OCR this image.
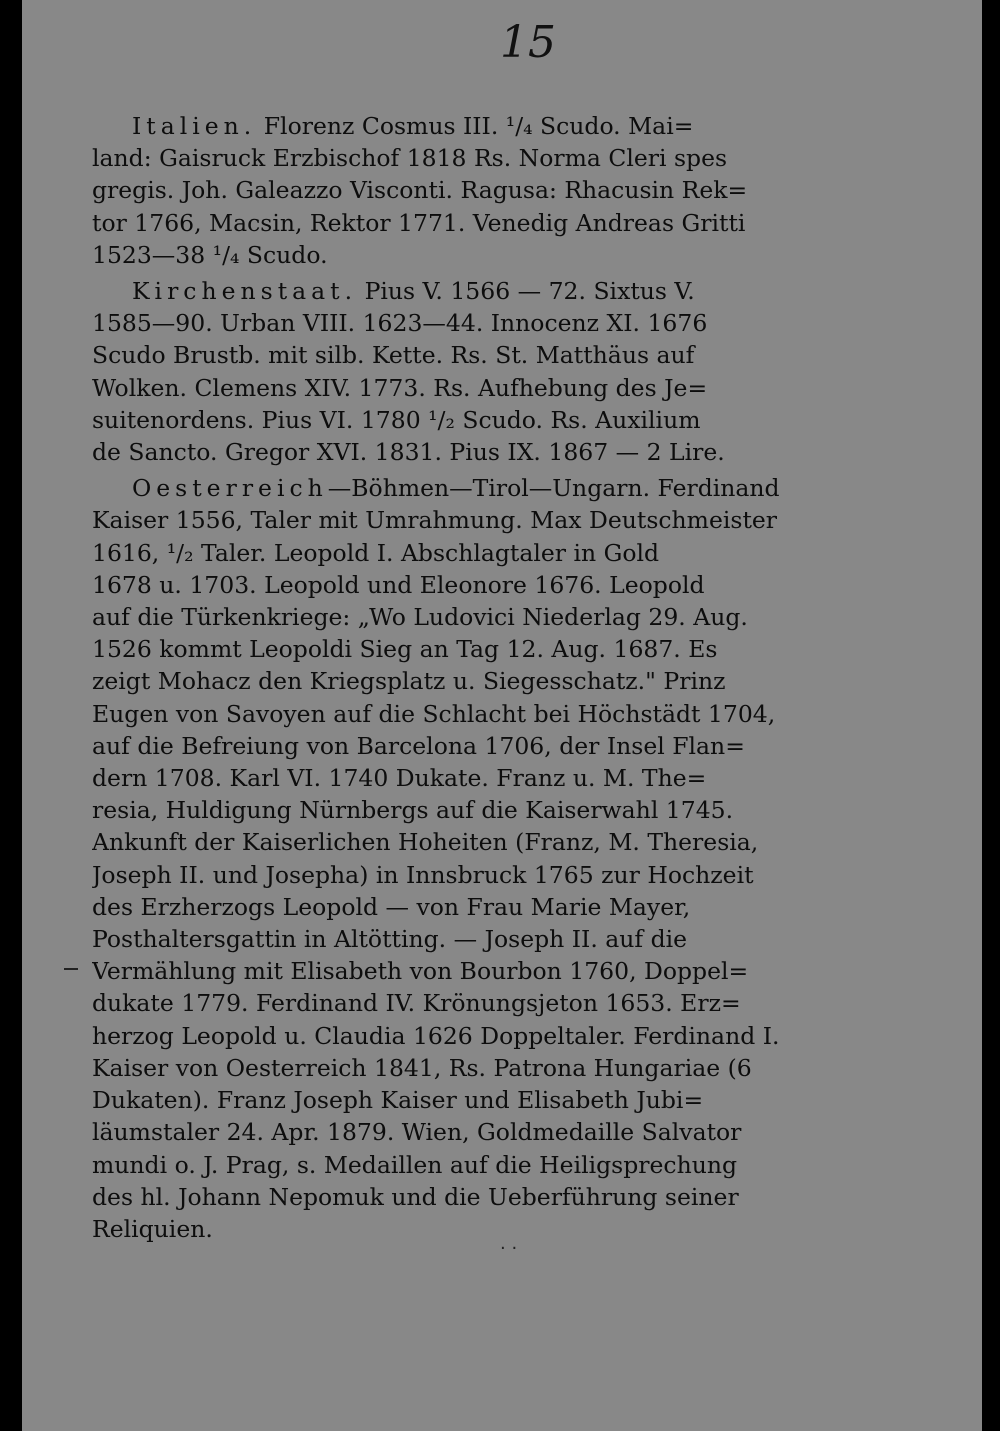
15
Italien. Florenz Cosmus III. ¹/₄ Scudo. Mai=
land: Gaisruck Erzbischof 1818 Rs. Norma Cleri spes
gregis. Joh. Galeazzo Visconti. Ragusa: Rhacusin Rek=
tor 1766, Macsin, Rektor 1771. Venedig Andreas Gritti
1523—38 ¹/₄ Scudo.
Kirchenstaat. Pius V. 1566 — 72. Sixtus V.
1585—90. Urban VIII. 1623—44. Innocenz XI. 1676
Scudo Brustb. mit silb. Kette. Rs. St. Matthäus auf
Wolken. Clemens XIV. 1773. Rs. Aufhebung des Je=
suitenordens. Pius VI. 1780 ¹/₂ Scudo. Rs. Auxilium
de Sancto. Gregor XVI. 1831. Pius IX. 1867 — 2 Lire.
Oesterreich—Böhmen—Tirol—Ungarn. Ferdinand
Kaiser 1556, Taler mit Umrahmung. Max Deutschmeister
1616, ¹/₂ Taler. Leopold I. Abschlagtaler in Gold
1678 u. 1703. Leopold und Eleonore 1676. Leopold
auf die Türkenkriege: „Wo Ludovici Niederlag 29. Aug.
1526 kommt Leopoldi Sieg an Tag 12. Aug. 1687. Es
zeigt Mohacz den Kriegsplatz u. Siegesschatz." Prinz
Eugen von Savoyen auf die Schlacht bei Höchstädt 1704,
auf die Befreiung von Barcelona 1706, der Insel Flan=
dern 1708. Karl VI. 1740 Dukate. Franz u. M. The=
resia, Huldigung Nürnbergs auf die Kaiserwahl 1745.
Ankunft der Kaiserlichen Hoheiten (Franz, M. Theresia,
Joseph II. und Josepha) in Innsbruck 1765 zur Hochzeit
des Erzherzogs Leopold — von Frau Marie Mayer,
Posthaltersgattin in Altötting. — Joseph II. auf die
Vermählung mit Elisabeth von Bourbon 1760, Doppel=
dukate 1779. Ferdinand IV. Krönungsjeton 1653. Erz=
herzog Leopold u. Claudia 1626 Doppeltaler. Ferdinand I.
Kaiser von Oesterreich 1841, Rs. Patrona Hungariae (6
Dukaten). Franz Joseph Kaiser und Elisabeth Jubi=
läumstaler 24. Apr. 1879. Wien, Goldmedaille Salvator
mundi o. J. Prag, s. Medaillen auf die Heiligsprechung
des hl. Johann Nepomuk und die Ueberführung seiner
Reliquien.
· ·
